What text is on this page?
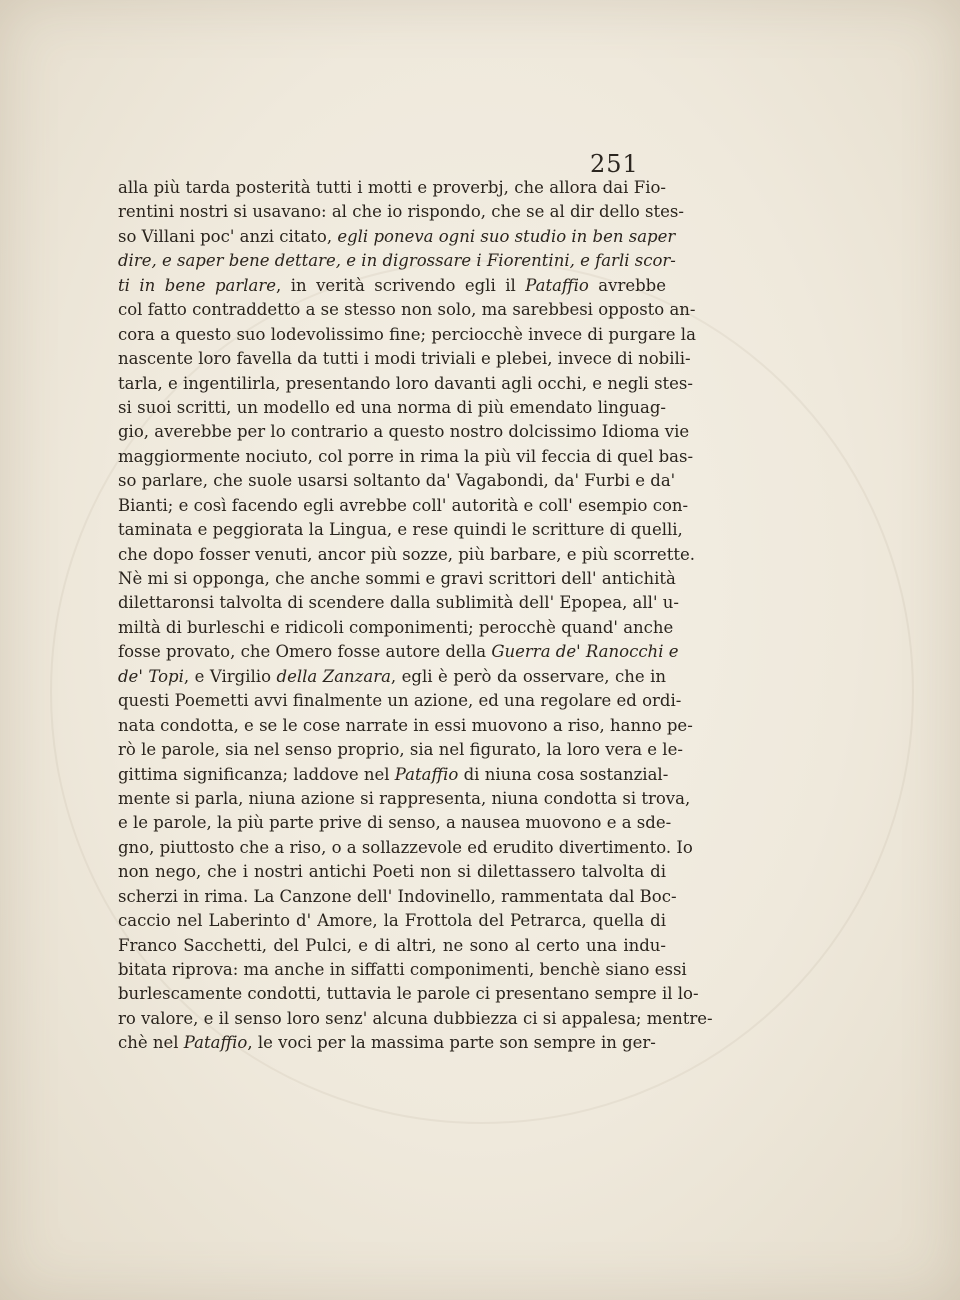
251
alla più tarda posterità tutti i motti e proverbj, che allora dai Fio-
rentini nostri si usavano: al che io rispondo, che se al dir dello stes-
so Villani poc' anzi citato, egli poneva ogni suo studio in ben saper
dire, e saper bene dettare, e in digrossare i Fiorentini, e farli scor-
ti in bene parlare, in verità scrivendo egli il Pataffio avrebbe
col fatto contraddetto a se stesso non solo, ma sarebbesi opposto an-
cora a questo suo lodevolissimo fine; perciocchè invece di purgare la
nascente loro favella da tutti i modi triviali e plebei, invece di nobili-
tarla, e ingentilirla, presentando loro davanti agli occhi, e negli stes-
si suoi scritti, un modello ed una norma di più emendato linguag-
gio, averebbe per lo contrario a questo nostro dolcissimo Idioma vie
maggiormente nociuto, col porre in rima la più vil feccia di quel bas-
so parlare, che suole usarsi soltanto da' Vagabondi, da' Furbi e da'
Bianti; e così facendo egli avrebbe coll' autorità e coll' esempio con-
taminata e peggiorata la Lingua, e rese quindi le scritture di quelli,
che dopo fosser venuti, ancor più sozze, più barbare, e più scorrette.
Nè mi si opponga, che anche sommi e gravi scrittori dell' antichità
dilettaronsi talvolta di scendere dalla sublimità dell' Epopea, all' u-
miltà di burleschi e ridicoli componimenti; perocchè quand' anche
fosse provato, che Omero fosse autore della Guerra de' Ranocchi e
de' Topi, e Virgilio della Zanzara, egli è però da osservare, che in
questi Poemetti avvi finalmente un azione, ed una regolare ed ordi-
nata condotta, e se le cose narrate in essi muovono a riso, hanno pe-
rò le parole, sia nel senso proprio, sia nel figurato, la loro vera e le-
gittima significanza; laddove nel Pataffio di niuna cosa sostanzial-
mente si parla, niuna azione si rappresenta, niuna condotta si trova,
e le parole, la più parte prive di senso, a nausea muovono e a sde-
gno, piuttosto che a riso, o a sollazzevole ed erudito divertimento. Io
non nego, che i nostri antichi Poeti non si dilettassero talvolta di
scherzi in rima. La Canzone dell' Indovinello, rammentata dal Boc-
caccio nel Laberinto d' Amore, la Frottola del Petrarca, quella di
Franco Sacchetti, del Pulci, e di altri, ne sono al certo una indu-
bitata riprova: ma anche in siffatti componimenti, benchè siano essi
burlescamente condotti, tuttavia le parole ci presentano sempre il lo-
ro valore, e il senso loro senz' alcuna dubbiezza ci si appalesa; mentre-
chè nel Pataffio, le voci per la massima parte son sempre in ger-
